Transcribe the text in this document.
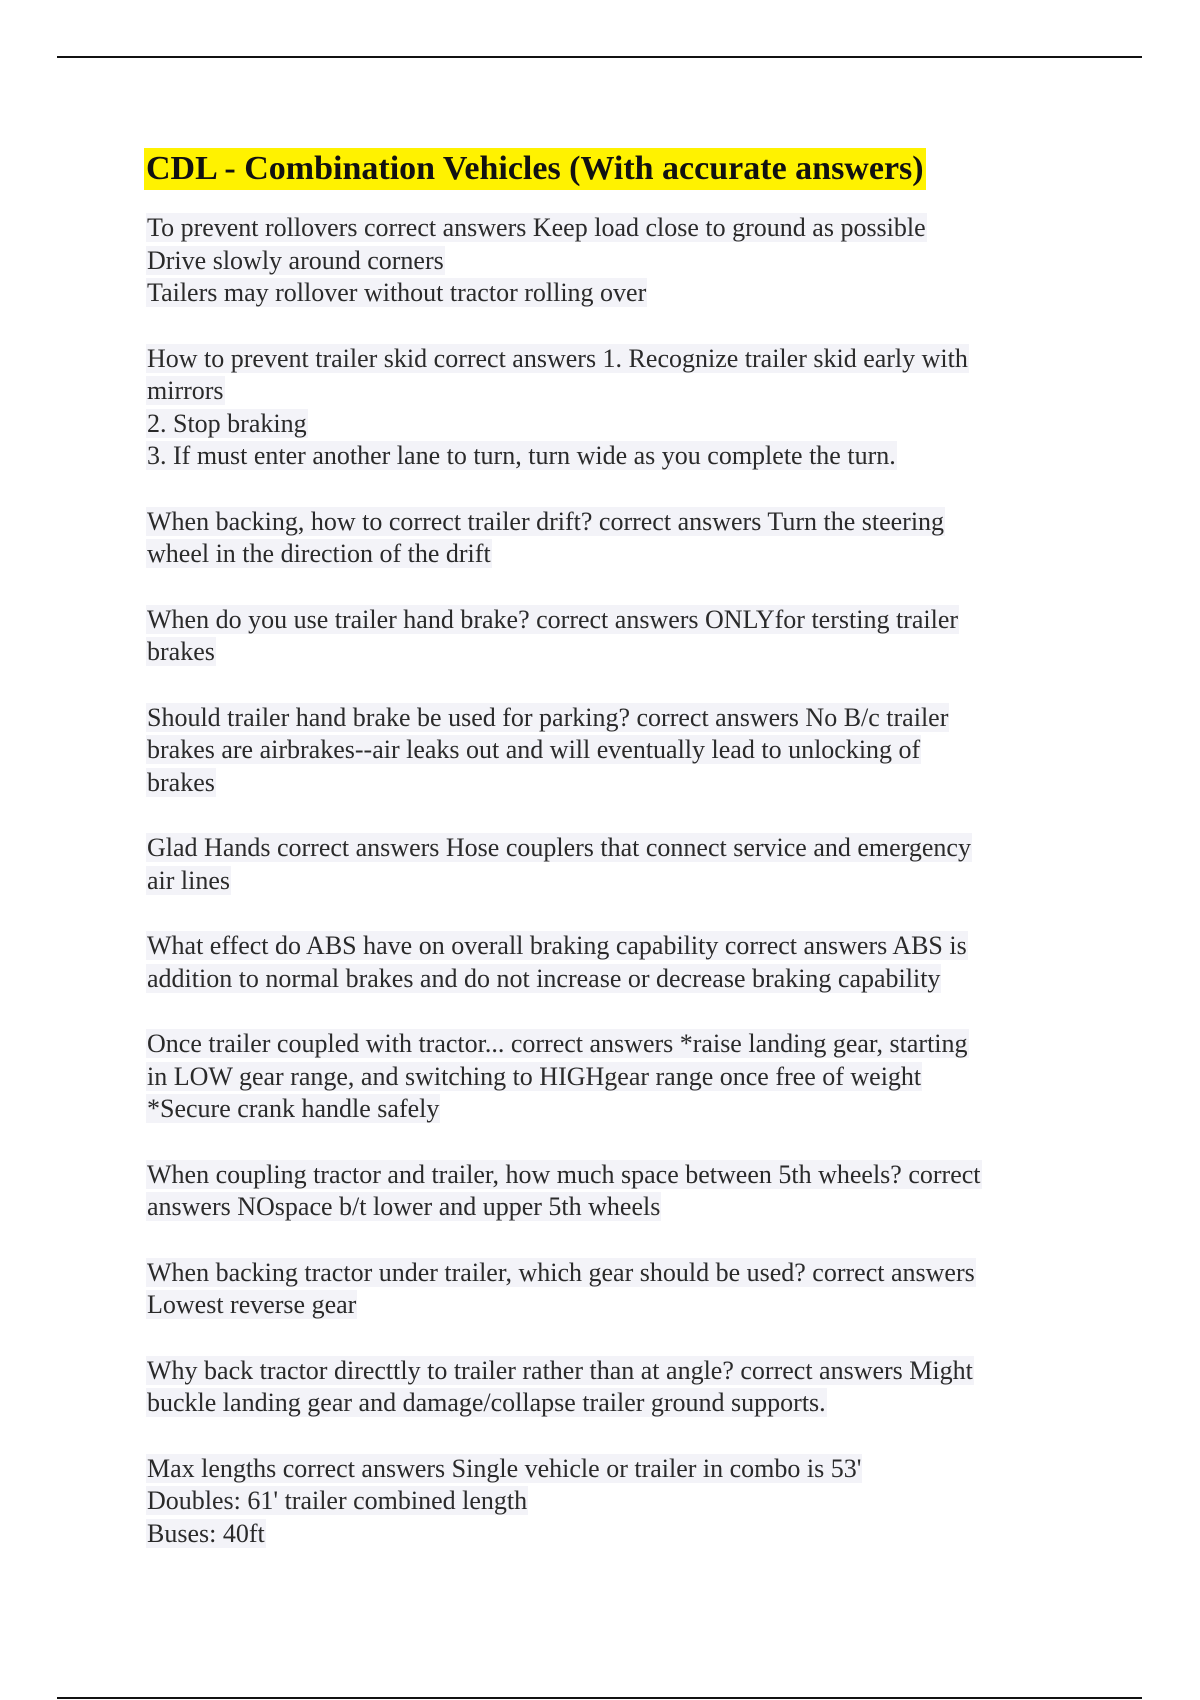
CDL - Combination Vehicles (With accurate answers)
To prevent rollovers correct answers Keep load close to ground as possible
Drive slowly around corners
Tailers may rollover without tractor rolling over
How to prevent trailer skid correct answers 1. Recognize trailer skid early with
mirrors
2. Stop braking
3. If must enter another lane to turn, turn wide as you complete the turn.
When backing, how to correct trailer drift? correct answers Turn the steering
wheel in the direction of the drift
When do you use trailer hand brake? correct answers ONLYfor tersting trailer
brakes
Should trailer hand brake be used for parking? correct answers No B/c trailer
brakes are airbrakes--air leaks out and will eventually lead to unlocking of
brakes
Glad Hands correct answers Hose couplers that connect service and emergency
air lines
What effect do ABS have on overall braking capability correct answers ABS is
addition to normal brakes and do not increase or decrease braking capability
Once trailer coupled with tractor... correct answers *raise landing gear, starting
in LOW gear range, and switching to HIGHgear range once free of weight
*Secure crank handle safely
When coupling tractor and trailer, how much space between 5th wheels? correct
answers NOspace b/t lower and upper 5th wheels
When backing tractor under trailer, which gear should be used? correct answers
Lowest reverse gear
Why back tractor directtly to trailer rather than at angle? correct answers Might
buckle landing gear and damage/collapse trailer ground supports.
Max lengths correct answers Single vehicle or trailer in combo is 53'
Doubles: 61' trailer combined length
Buses: 40ft
